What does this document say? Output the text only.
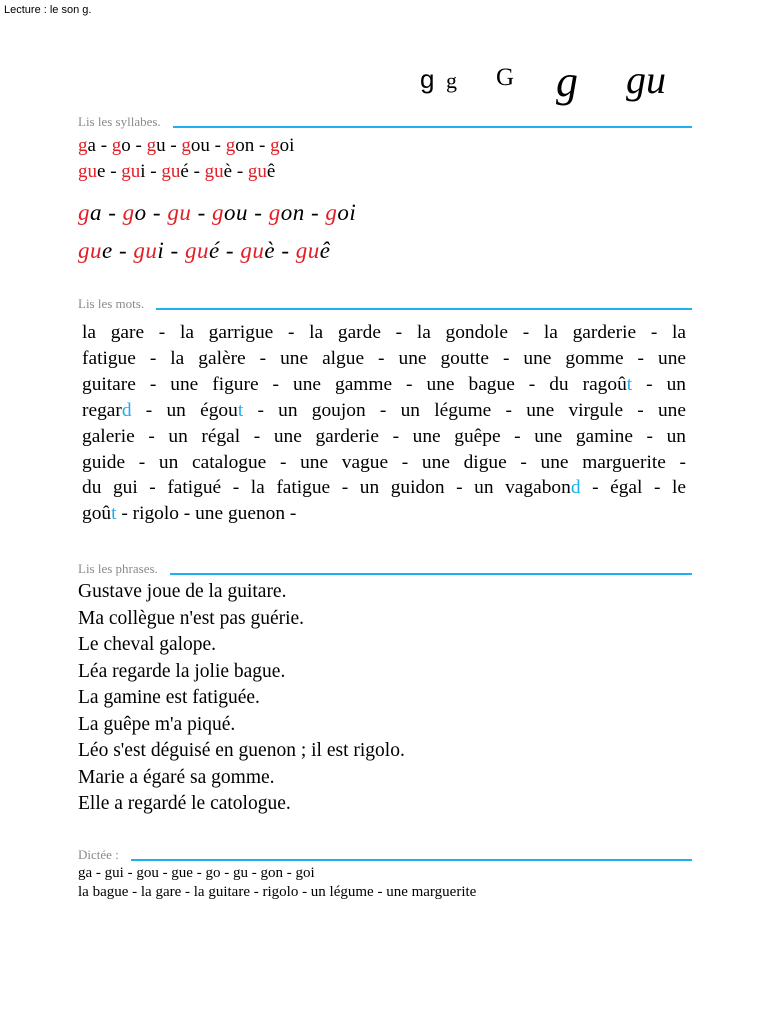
Lecture : le son g.
g g G g gu
Lis les syllabes.
ga - go - gu - gou - gon - goi
gue - gui - gué - guè - guê
ga - go - gu - gou - gon - goi
gue - gui - gué - guè - guê
Lis les mots.
la gare - la garrigue - la garde - la gondole - la garderie - la
fatigue - la galère - une algue - une goutte - une gomme - une
guitare - une figure - une gamme - une bague - du ragoût - un
regard - un égout - un goujon - un légume - une virgule - une
galerie - un régal - une garderie - une guêpe - une gamine - un
guide - un catalogue - une vague - une digue - une marguerite -
du gui - fatigué - la fatigue - un guidon - un vagabond - égal - le
goût - rigolo - une guenon -
Lis les phrases.
Gustave joue de la guitare.
Ma collègue n'est pas guérie.
Le cheval galope.
Léa regarde la jolie bague.
La gamine est fatiguée.
La guêpe m'a piqué.
Léo s'est déguisé en guenon ; il est rigolo.
Marie a égaré sa gomme.
Elle a regardé le catologue.
Dictée :
ga - gui - gou - gue - go - gu - gon - goi
la bague - la gare - la guitare - rigolo - un légume - une marguerite
